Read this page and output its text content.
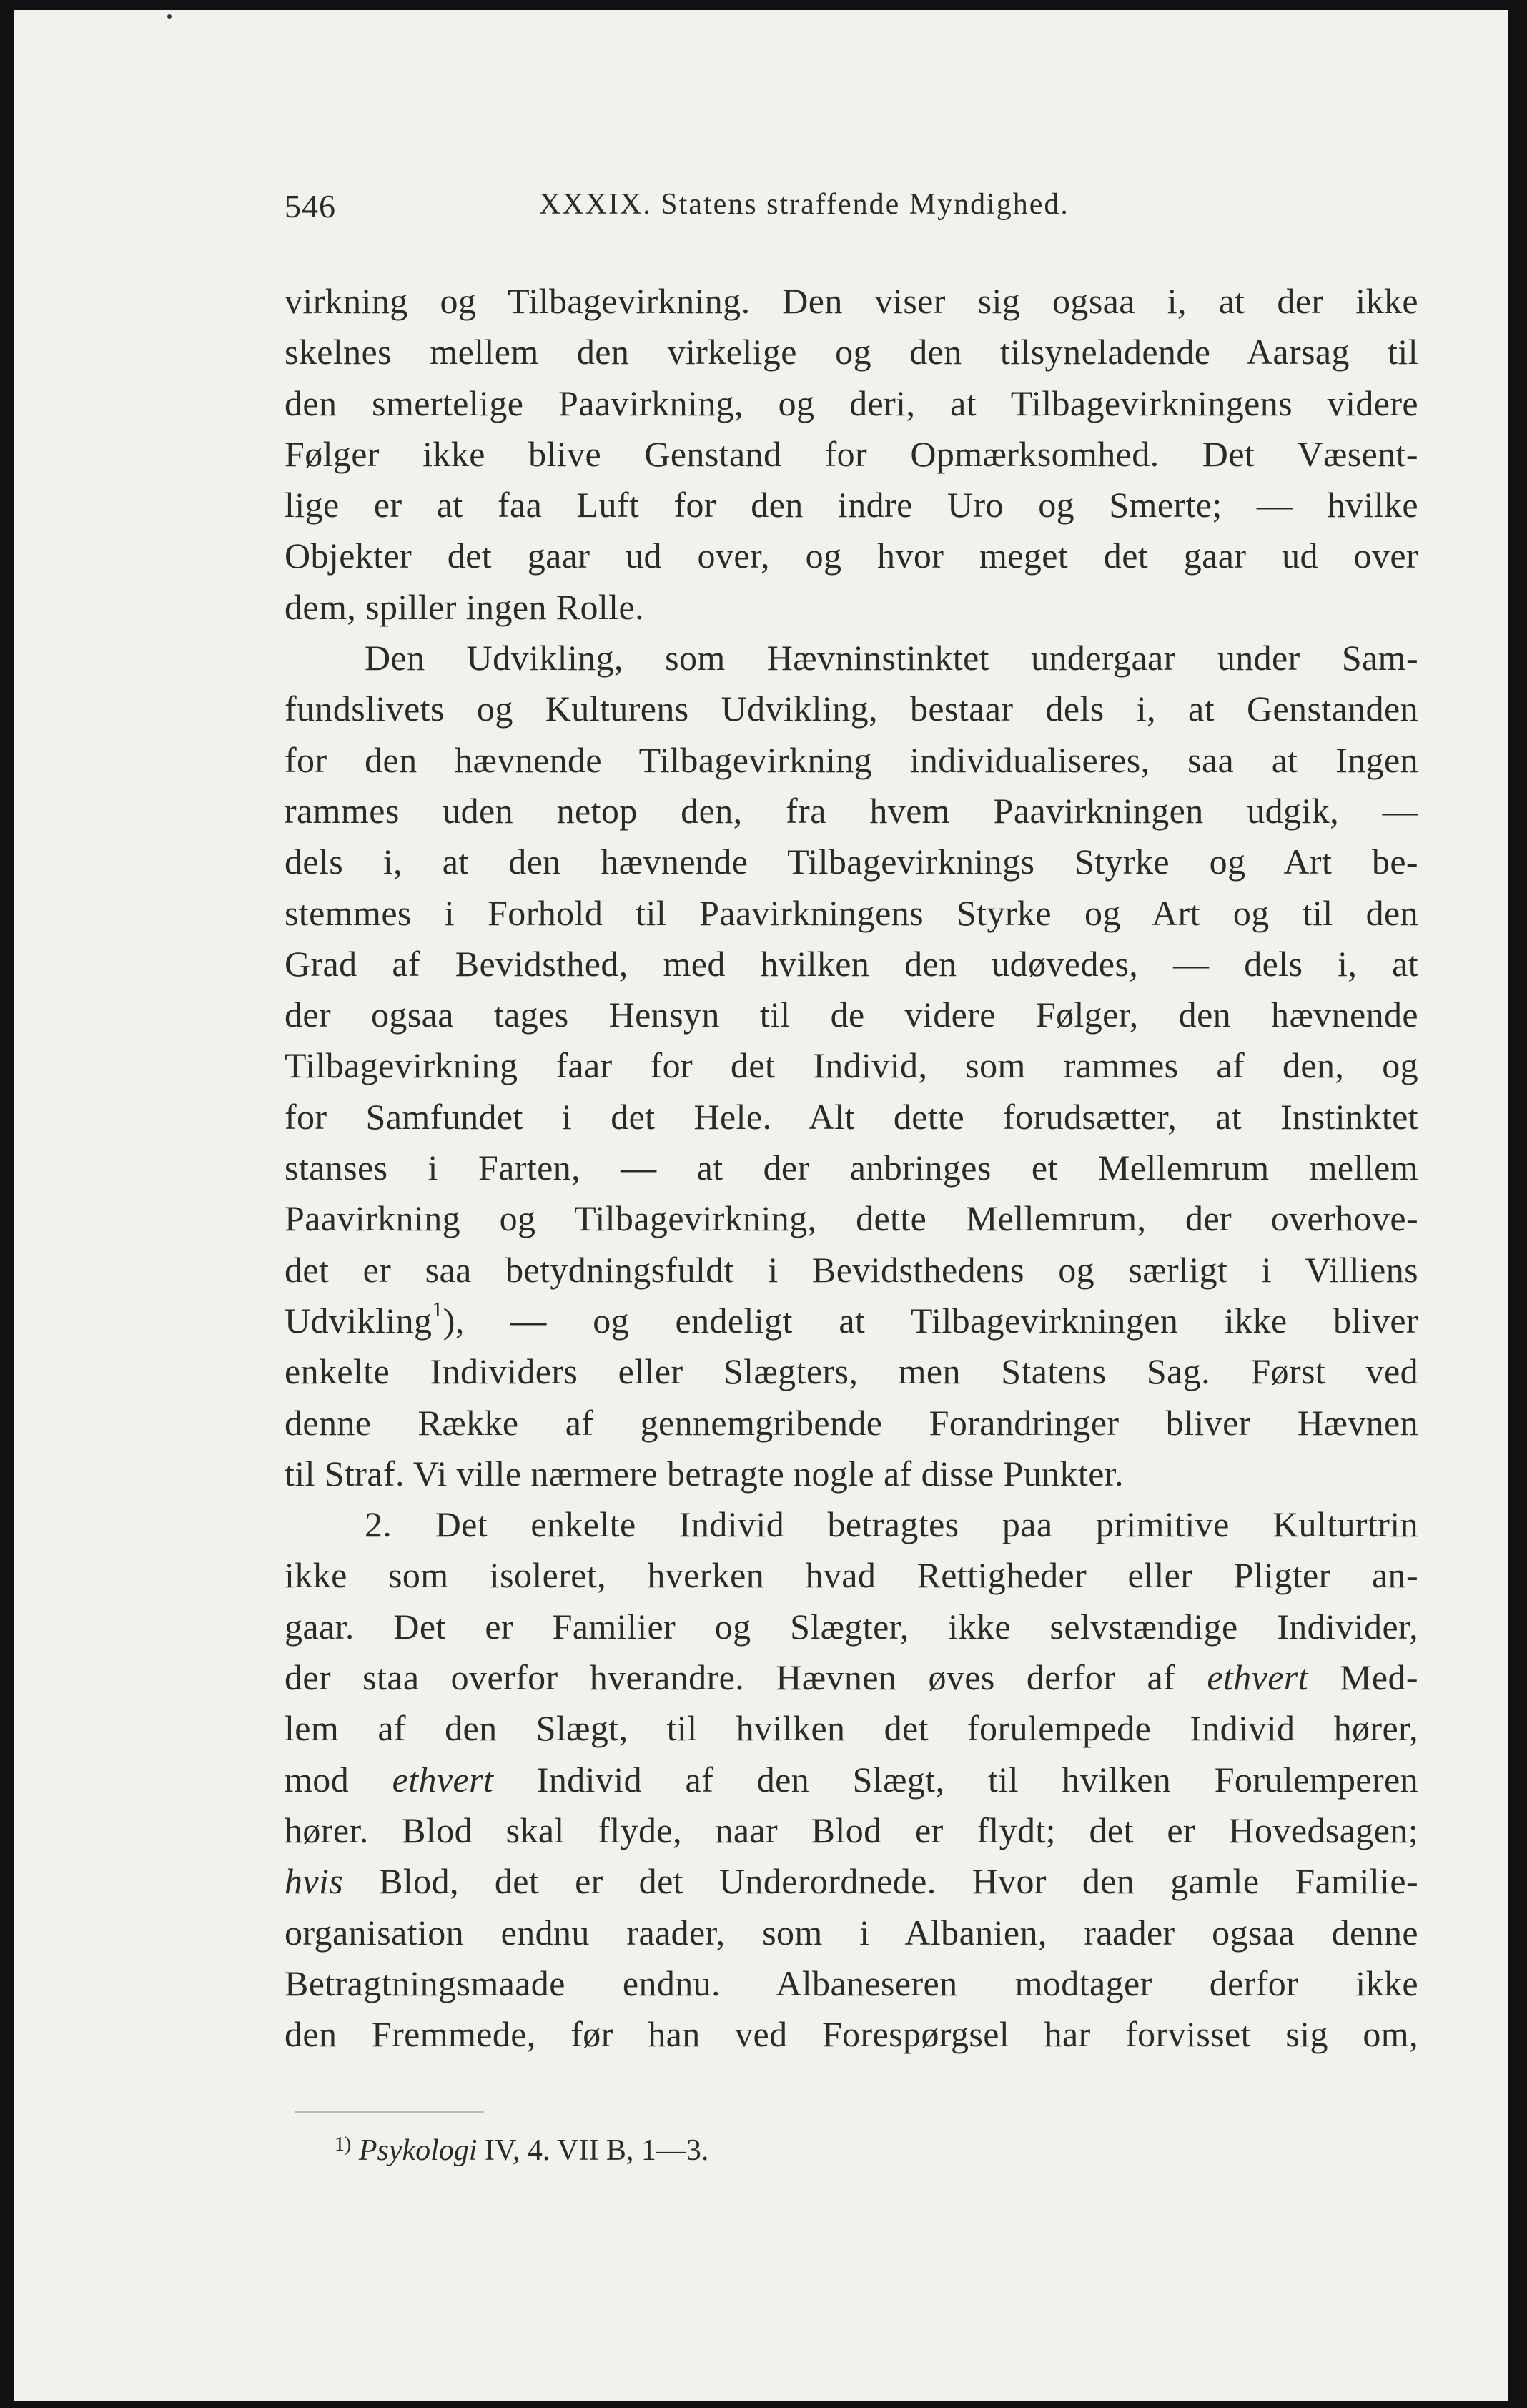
546	XXXIX. Statens straffende Myndighed.
virkning og Tilbagevirkning. Den viser sig ogsaa i, at der ikke
skelnes mellem den virkelige og den tilsyneladende Aarsag til
den smertelige Paavirkning, og deri, at Tilbagevirkningens videre
Følger ikke blive Genstand for Opmærksomhed. Det Væsent-
lige er at faa Luft for den indre Uro og Smerte; — hvilke
Objekter det gaar ud over, og hvor meget det gaar ud over
dem, spiller ingen Rolle.
Den Udvikling, som Hævninstinktet undergaar under Sam-
fundslivets og Kulturens Udvikling, bestaar dels i, at Genstanden
for den hævnende Tilbagevirkning individualiseres, saa at Ingen
rammes uden netop den, fra hvem Paavirkningen udgik, —
dels i, at den hævnende Tilbagevirknings Styrke og Art be-
stemmes i Forhold til Paavirkningens Styrke og Art og til den
Grad af Bevidsthed, med hvilken den udøvedes, — dels i, at
der ogsaa tages Hensyn til de videre Følger, den hævnende
Tilbagevirkning faar for det Individ, som rammes af den, og
for Samfundet i det Hele. Alt dette forudsætter, at Instinktet
stanses i Farten, — at der anbringes et Mellemrum mellem
Paavirkning og Tilbagevirkning, dette Mellemrum, der overhove-
det er saa betydningsfuldt i Bevidsthedens og særligt i Villiens
Udvikling$^1$), — og endeligt at Tilbagevirkningen ikke bliver
enkelte Individers eller Slægters, men Statens Sag. Først ved
denne Række af gennemgribende Forandringer bliver Hævnen
til Straf. Vi ville nærmere betragte nogle af disse Punkter.
2. Det enkelte Individ betragtes paa primitive Kulturtrin
ikke som isoleret, hverken hvad Rettigheder eller Pligter an-
gaar. Det er Familier og Slægter, ikke selvstændige Individer,
der staa overfor hverandre. Hævnen øves derfor af ethvert Med-
lem af den Slægt, til hvilken det forulempede Individ hører,
mod ethvert Individ af den Slægt, til hvilken Forulemperen
hører. Blod skal flyde, naar Blod er flydt; det er Hovedsagen;
hvis Blod, det er det Underordnede. Hvor den gamle Familie-
organisation endnu raader, som i Albanien, raader ogsaa denne
Betragtningsmaade endnu. Albaneseren modtager derfor ikke
den Fremmede, før han ved Forespørgsel har forvisset sig om,
$^{1)}$ Psykologi IV, 4. VII B, 1—3.
